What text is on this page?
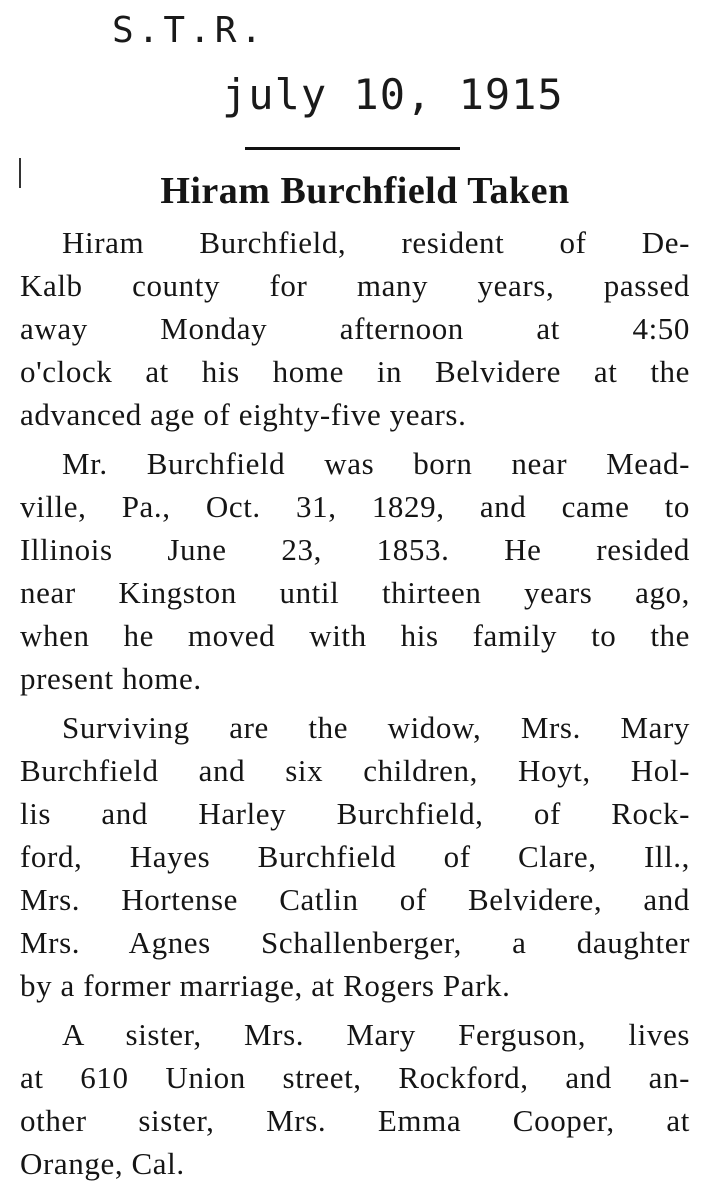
S.T.R.
july 10, 1915
Hiram Burchfield Taken
Hiram Burchfield, resident of De-
Kalb county for many years, passed
away Monday afternoon at 4:50
o'clock at his home in Belvidere at the
advanced age of eighty-five years.
Mr. Burchfield was born near Mead-
ville, Pa., Oct. 31, 1829, and came to
Illinois June 23, 1853. He resided
near Kingston until thirteen years ago,
when he moved with his family to the
present home.
Surviving are the widow, Mrs. Mary
Burchfield and six children, Hoyt, Hol-
lis and Harley Burchfield, of Rock-
ford, Hayes Burchfield of Clare, Ill.,
Mrs. Hortense Catlin of Belvidere, and
Mrs. Agnes Schallenberger, a daughter
by a former marriage, at Rogers Park.
A sister, Mrs. Mary Ferguson, lives
at 610 Union street, Rockford, and an-
other sister, Mrs. Emma Cooper, at
Orange, Cal.
